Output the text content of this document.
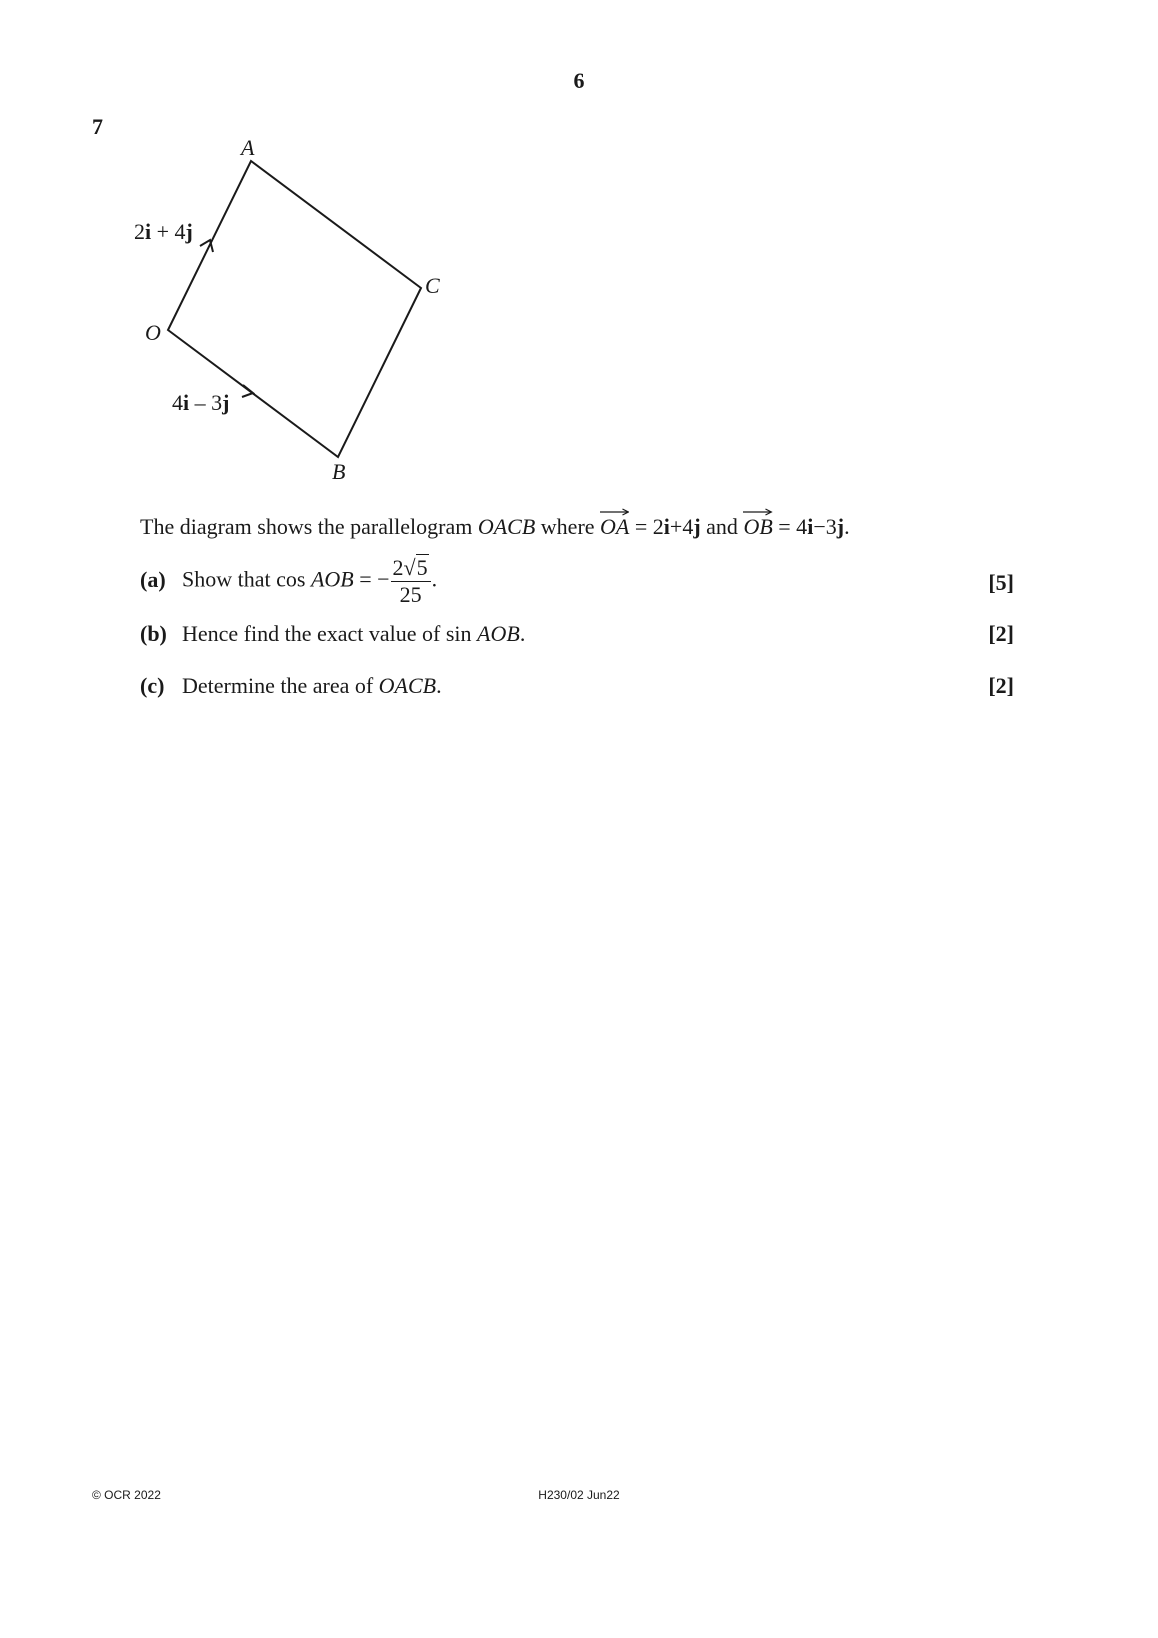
6
7
A
C
O
B
2i + 4j
4i – 3j
The diagram shows the parallelogram OACB where OA
= 2i+4j and OB
= 4i−3j.
(a) Show that cos AOB = − $\frac{2√5}{25}$ .	[5]
(b) Hence find the exact value of sin AOB.	[2]
(c) Determine the area of OACB.	[2]
© OCR 2022	H230/02 Jun22
